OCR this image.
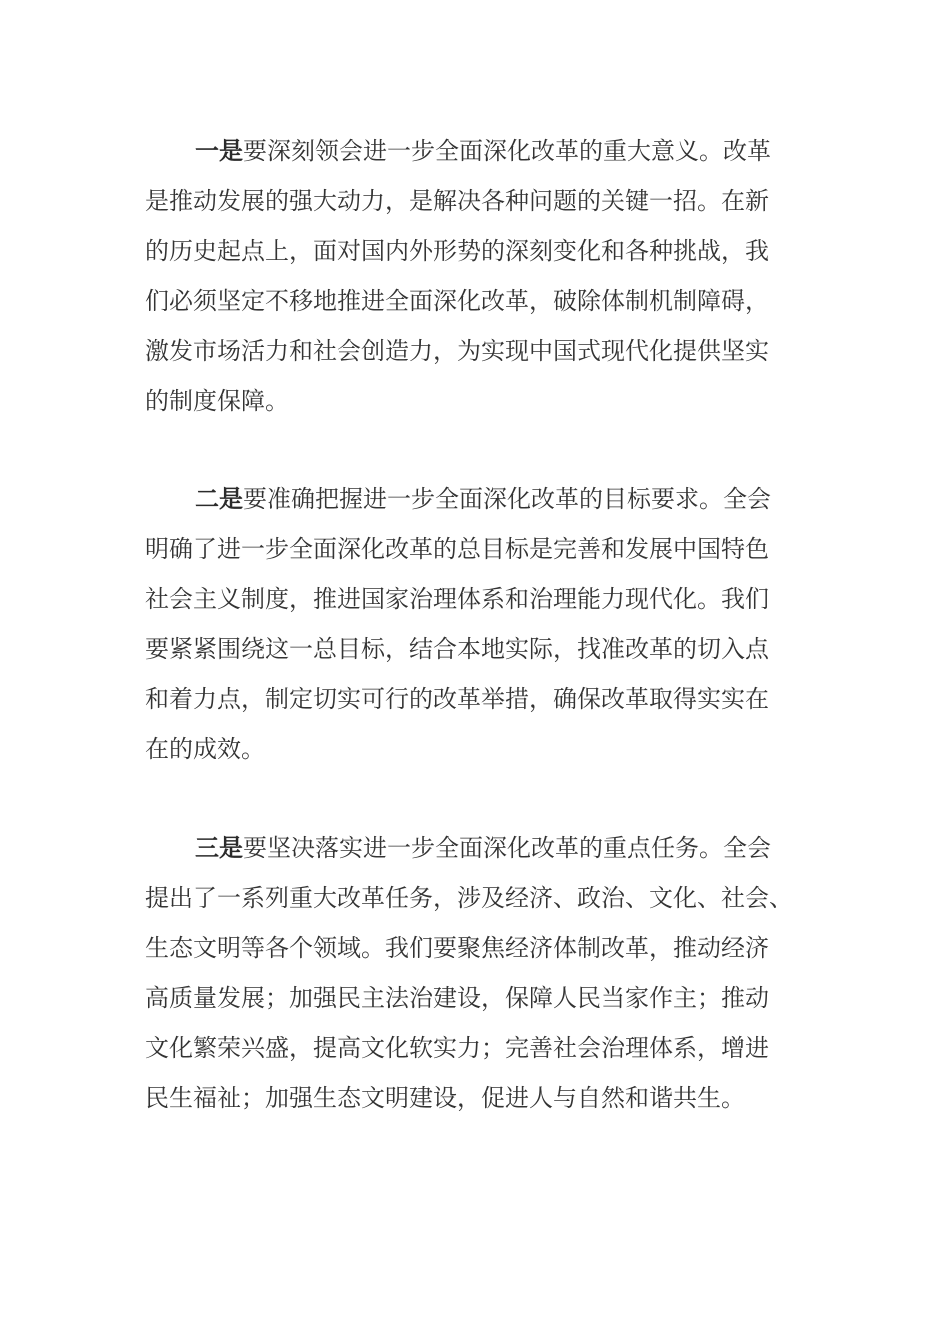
一是要深刻领会进一步全面深化改革的重大意义。改革
是推动发展的强大动力，是解决各种问题的关键一招。在新
的历史起点上，面对国内外形势的深刻变化和各种挑战，我
们必须坚定不移地推进全面深化改革，破除体制机制障碍，
激发市场活力和社会创造力，为实现中国式现代化提供坚实
的制度保障。

二是要准确把握进一步全面深化改革的目标要求。全会
明确了进一步全面深化改革的总目标是完善和发展中国特色
社会主义制度，推进国家治理体系和治理能力现代化。我们
要紧紧围绕这一总目标，结合本地实际，找准改革的切入点
和着力点，制定切实可行的改革举措，确保改革取得实实在
在的成效。

三是要坚决落实进一步全面深化改革的重点任务。全会
提出了一系列重大改革任务，涉及经济、政治、文化、社会、
生态文明等各个领域。我们要聚焦经济体制改革，推动经济
高质量发展；加强民主法治建设，保障人民当家作主；推动
文化繁荣兴盛，提高文化软实力；完善社会治理体系，增进
民生福祉；加强生态文明建设，促进人与自然和谐共生。
